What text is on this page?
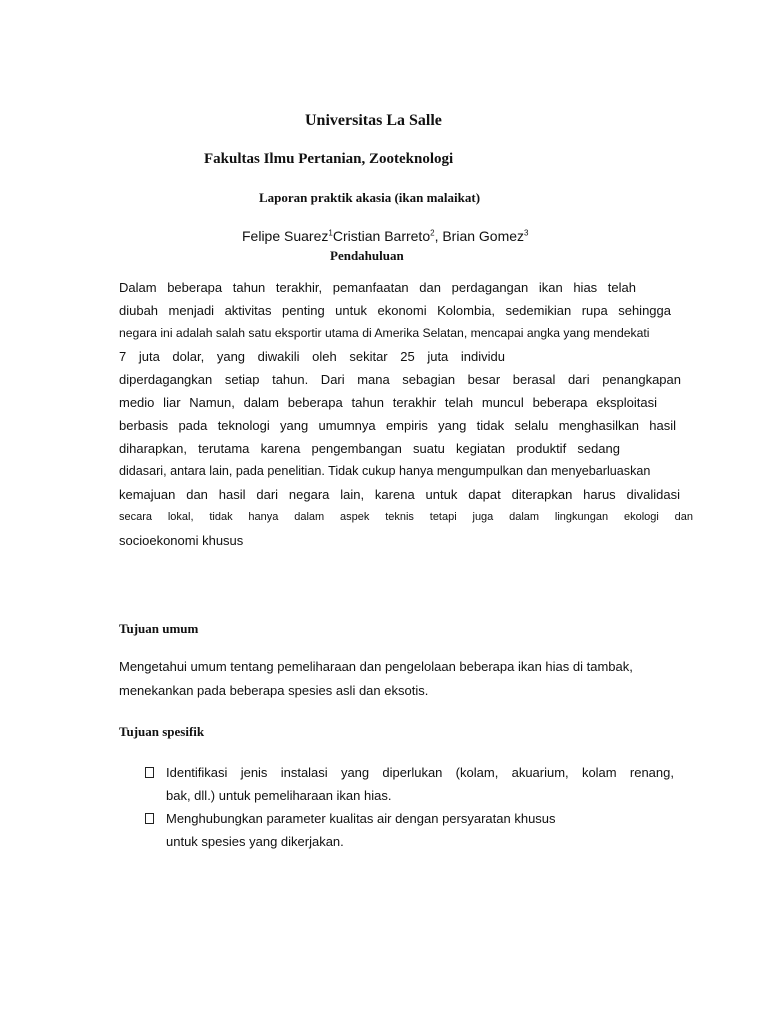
Universitas La Salle
Fakultas Ilmu Pertanian, Zooteknologi
Laporan praktik akasia (ikan malaikat)
Felipe Suarez$^1$Cristian Barreto$^2$, Brian Gomez$^3$
Pendahuluan
Dalam beberapa tahun terakhir, pemanfaatan dan perdagangan ikan hias telah
diubah menjadi aktivitas penting untuk ekonomi Kolombia, sedemikian rupa sehingga
negara ini adalah salah satu eksportir utama di Amerika Selatan, mencapai angka yang mendekati
7 juta dolar, yang diwakili oleh sekitar 25 juta individu
diperdagangkan setiap tahun. Dari mana sebagian besar berasal dari penangkapan
medio liar Namun, dalam beberapa tahun terakhir telah muncul beberapa eksploitasi
berbasis pada teknologi yang umumnya empiris yang tidak selalu menghasilkan hasil
diharapkan, terutama karena pengembangan suatu kegiatan produktif sedang
didasari, antara lain, pada penelitian. Tidak cukup hanya mengumpulkan dan menyebarluaskan
kemajuan dan hasil dari negara lain, karena untuk dapat diterapkan harus divalidasi
secara lokal, tidak hanya dalam aspek teknis tetapi juga dalam lingkungan ekologi dan
socioekonomi khusus
Tujuan umum
Mengetahui umum tentang pemeliharaan dan pengelolaan beberapa ikan hias di tambak,
menekankan pada beberapa spesies asli dan eksotis.
Tujuan spesifik
Identifikasi jenis instalasi yang diperlukan (kolam, akuarium, kolam renang,
bak, dll.) untuk pemeliharaan ikan hias.
Menghubungkan parameter kualitas air dengan persyaratan khusus
untuk spesies yang dikerjakan.
